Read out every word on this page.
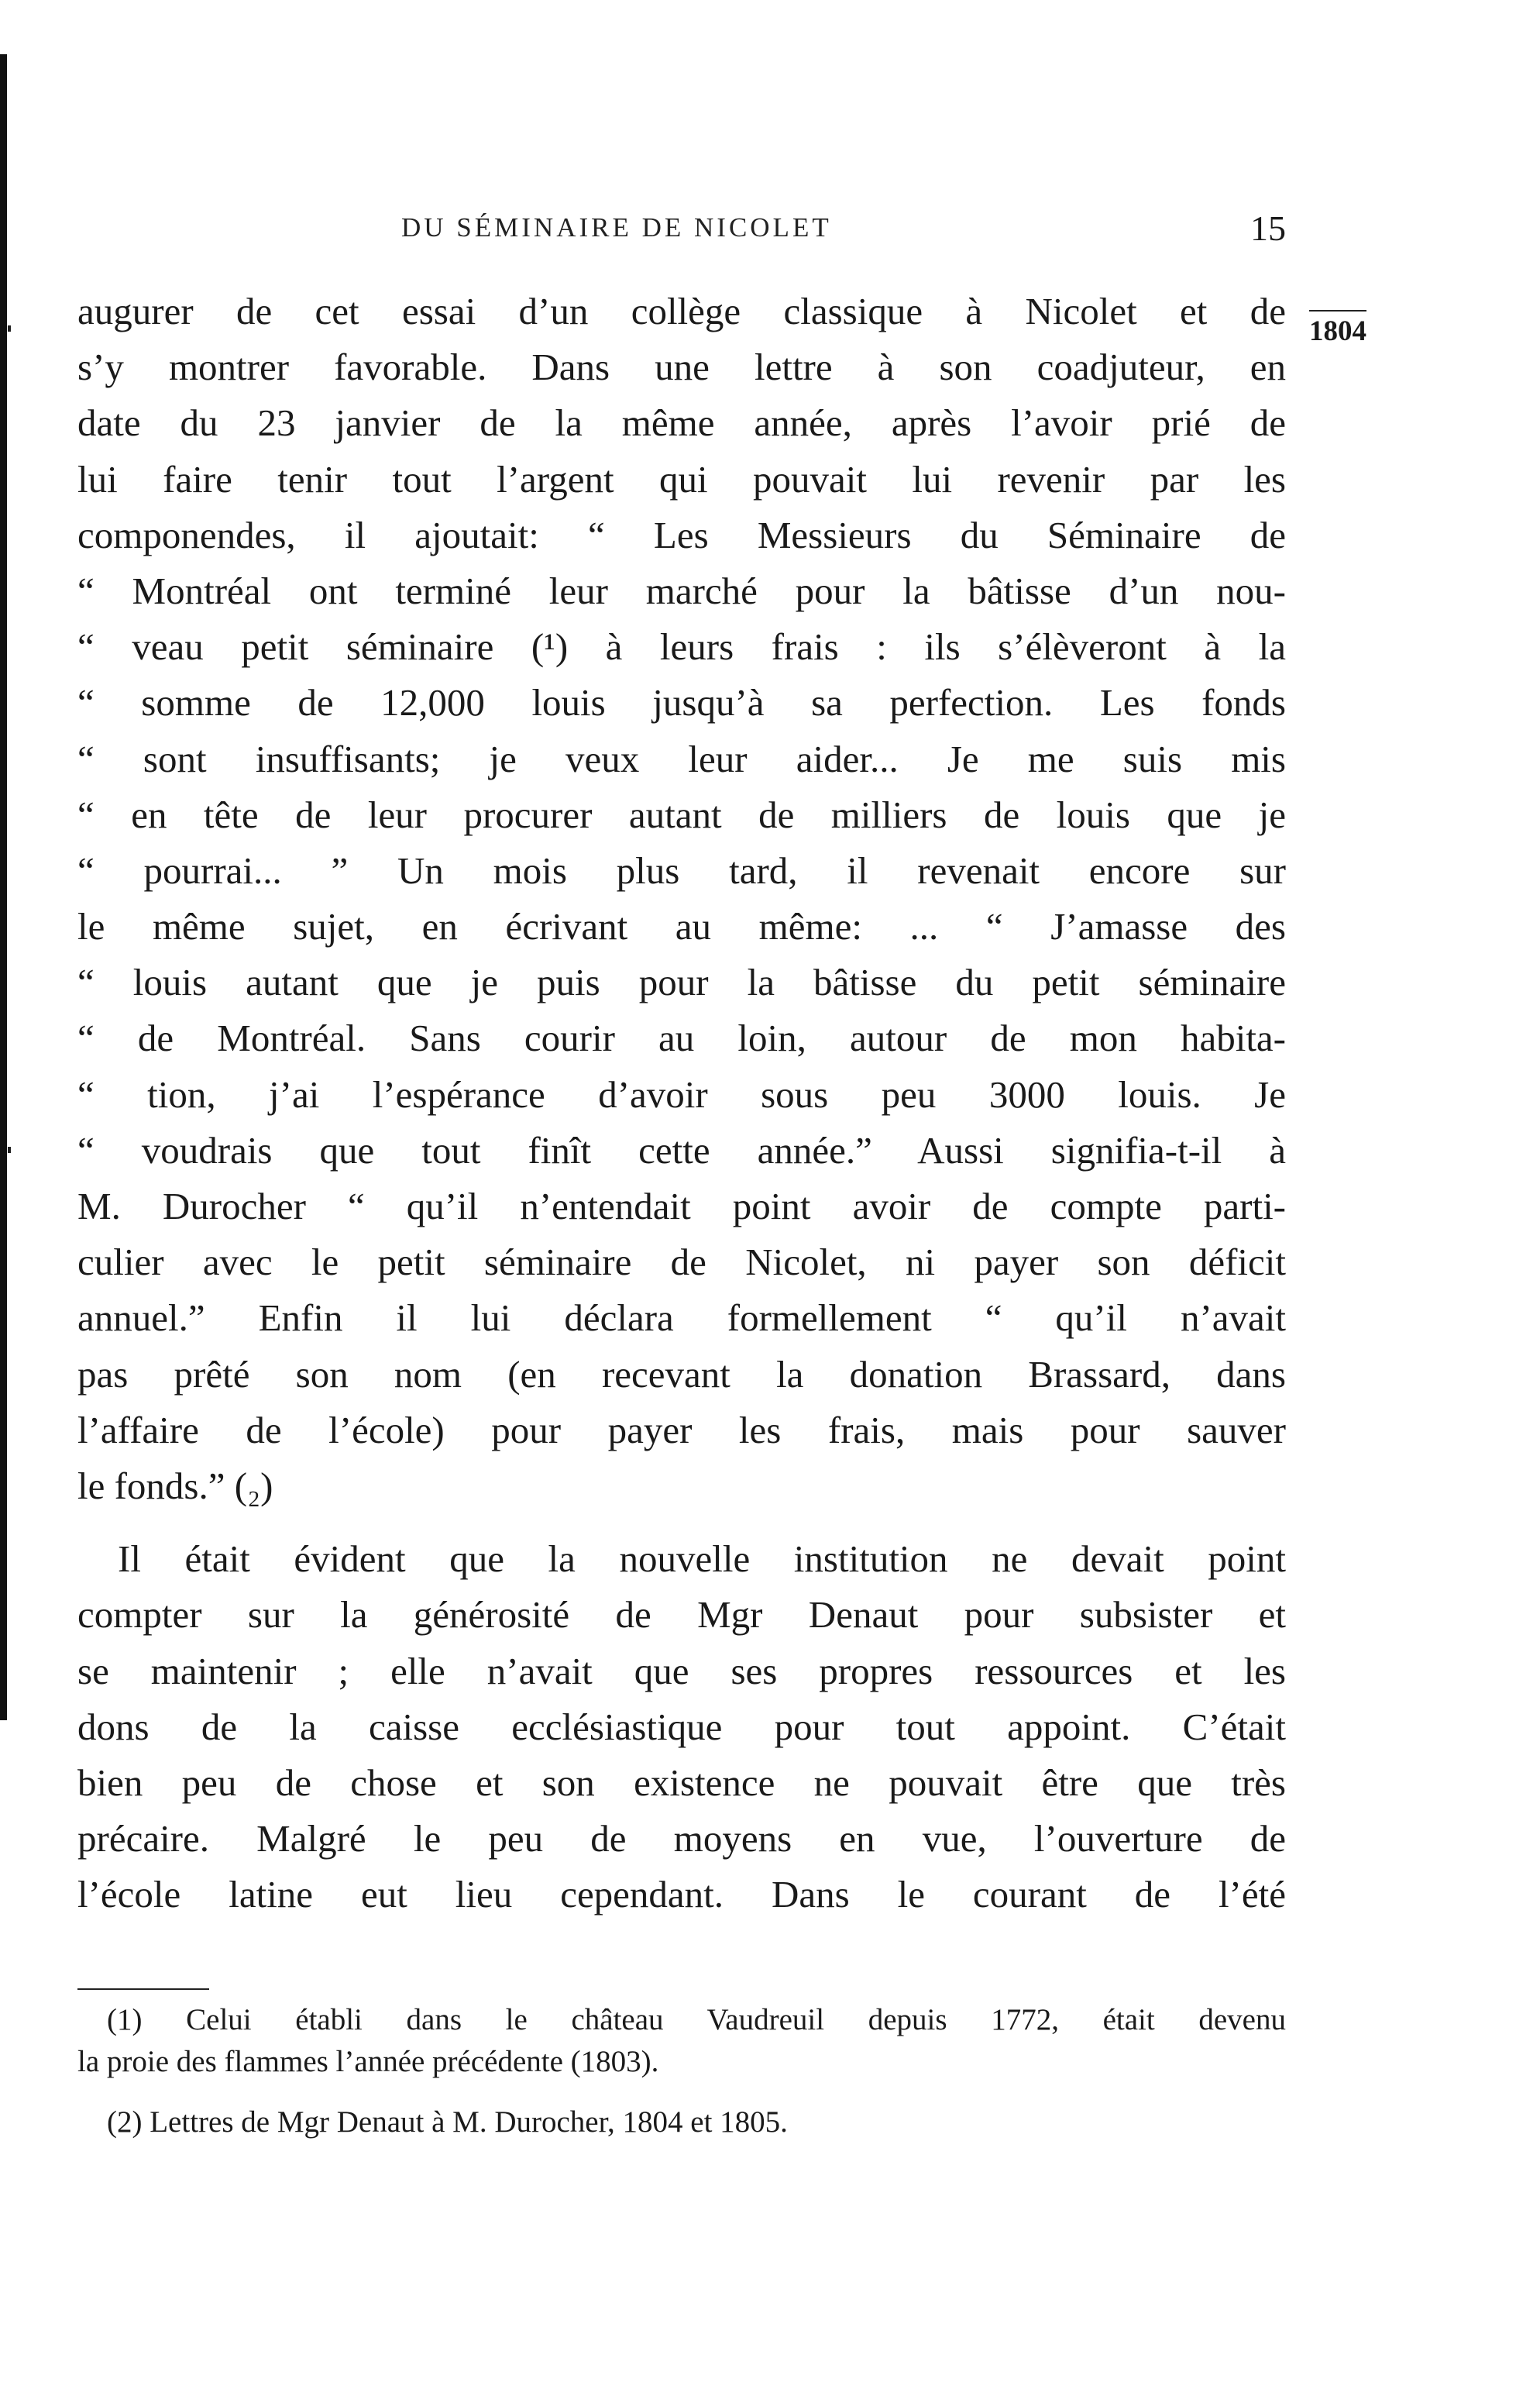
DU SÉMINAIRE DE NICOLET	15
1804
augurer de cet essai d’un collège classique à Nicolet et de
s’y montrer favorable. Dans une lettre à son coadjuteur, en
date du 23 janvier de la même année, après l’avoir prié de
lui faire tenir tout l’argent qui pouvait lui revenir par les
componendes, il ajoutait: “ Les Messieurs du Séminaire de
“ Montréal ont terminé leur marché pour la bâtisse d’un nou-
“ veau petit séminaire (¹) à leurs frais : ils s’élèveront à la
“ somme de 12,000 louis jusqu’à sa perfection. Les fonds
“ sont insuffisants; je veux leur aider... Je me suis mis
“ en tête de leur procurer autant de milliers de louis que je
“ pourrai... ” Un mois plus tard, il revenait encore sur
le même sujet, en écrivant au même: ... “ J’amasse des
“ louis autant que je puis pour la bâtisse du petit séminaire
“ de Montréal. Sans courir au loin, autour de mon habita-
“ tion, j’ai l’espérance d’avoir sous peu 3000 louis. Je
“ voudrais que tout finît cette année.” Aussi signifia-t-il à
M. Durocher “ qu’il n’entendait point avoir de compte parti-
culier avec le petit séminaire de Nicolet, ni payer son déficit
annuel.” Enfin il lui déclara formellement “ qu’il n’avait
pas prêté son nom (en recevant la donation Brassard, dans
l’affaire de l’école) pour payer les frais, mais pour sauver
le fonds.” (₂)
Il était évident que la nouvelle institution ne devait point
compter sur la générosité de Mgr Denaut pour subsister et
se maintenir ; elle n’avait que ses propres ressources et les
dons de la caisse ecclésiastique pour tout appoint. C’était
bien peu de chose et son existence ne pouvait être que très
précaire. Malgré le peu de moyens en vue, l’ouverture de
l’école latine eut lieu cependant. Dans le courant de l’été
(1) Celui établi dans le château Vaudreuil depuis 1772, était devenu
la proie des flammes l’année précédente (1803).
(2) Lettres de Mgr Denaut à M. Durocher, 1804 et 1805.
